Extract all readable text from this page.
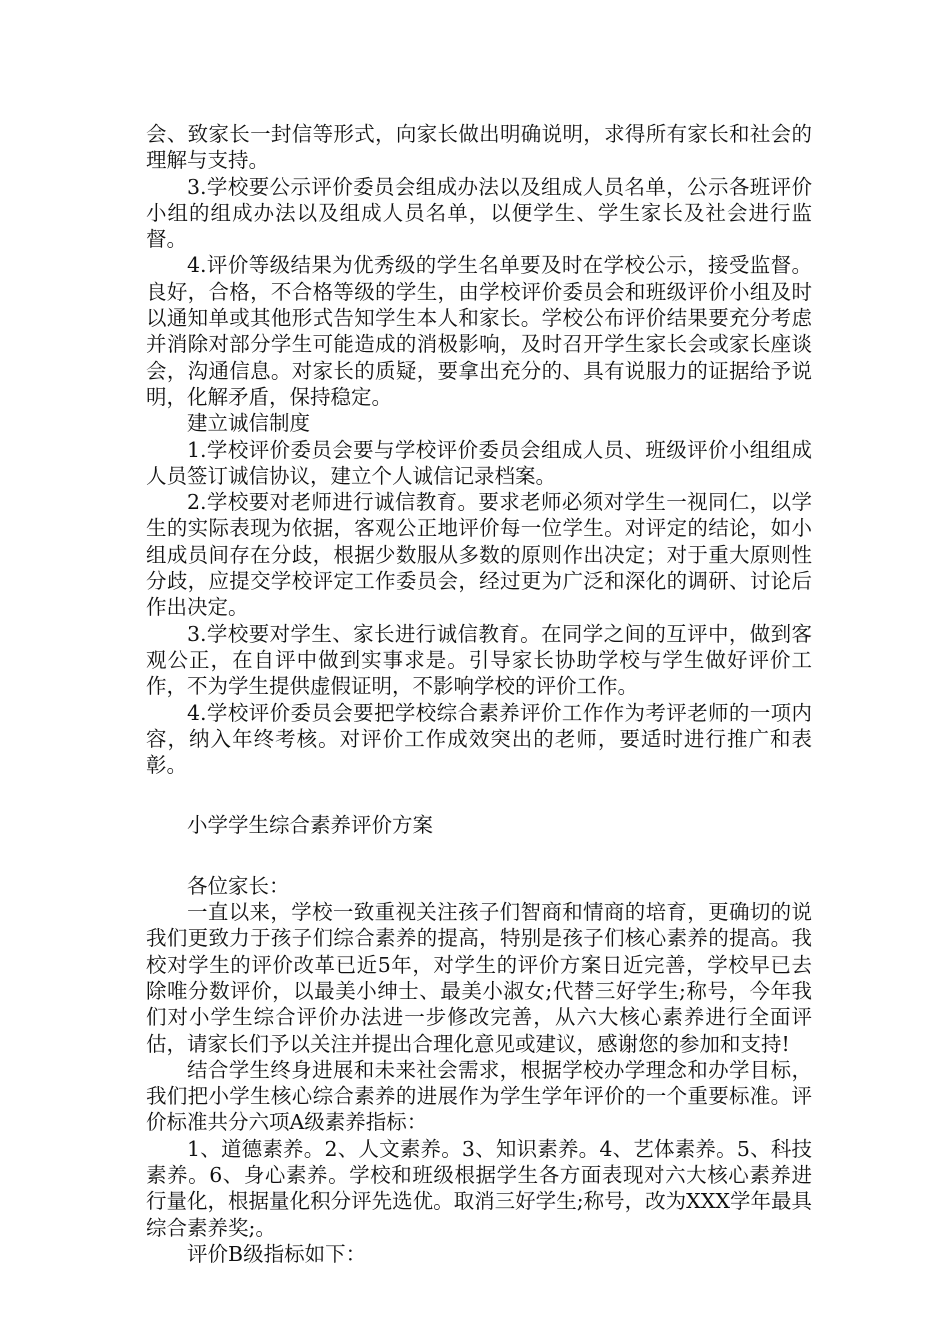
会、致家长一封信等形式，向家长做出明确说明，求得所有家长和社会的理解与支持。

3.学校要公示评价委员会组成办法以及组成人员名单，公示各班评价小组的组成办法以及组成人员名单，以便学生、学生家长及社会进行监督。

4.评价等级结果为优秀级的学生名单要及时在学校公示，接受监督。良好，合格，不合格等级的学生，由学校评价委员会和班级评价小组及时以通知单或其他形式告知学生本人和家长。学校公布评价结果要充分考虑并消除对部分学生可能造成的消极影响，及时召开学生家长会或家长座谈会，沟通信息。对家长的质疑，要拿出充分的、具有说服力的证据给予说明，化解矛盾，保持稳定。

建立诚信制度

1.学校评价委员会要与学校评价委员会组成人员、班级评价小组组成人员签订诚信协议，建立个人诚信记录档案。

2.学校要对老师进行诚信教育。要求老师必须对学生一视同仁，以学生的实际表现为依据，客观公正地评价每一位学生。对评定的结论，如小组成员间存在分歧，根据少数服从多数的原则作出决定；对于重大原则性分歧，应提交学校评定工作委员会，经过更为广泛和深化的调研、讨论后作出决定。

3.学校要对学生、家长进行诚信教育。在同学之间的互评中，做到客观公正，在自评中做到实事求是。引导家长协助学校与学生做好评价工作，不为学生提供虚假证明，不影响学校的评价工作。

4.学校评价委员会要把学校综合素养评价工作作为考评老师的一项内容，纳入年终考核。对评价工作成效突出的老师，要适时进行推广和表彰。

小学学生综合素养评价方案

各位家长：

一直以来，学校一致重视关注孩子们智商和情商的培育，更确切的说我们更致力于孩子们综合素养的提高，特别是孩子们核心素养的提高。我校对学生的评价改革已近5年，对学生的评价方案日近完善，学校早已去除唯分数评价，以最美小绅士、最美小淑女;代替三好学生;称号，今年我们对小学生综合评价办法进一步修改完善，从六大核心素养进行全面评估，请家长们予以关注并提出合理化意见或建议，感谢您的参加和支持!

结合学生终身进展和未来社会需求，根据学校办学理念和办学目标，我们把小学生核心综合素养的进展作为学生学年评价的一个重要标准。评价标准共分六项A级素养指标：

1、道德素养。2、人文素养。3、知识素养。4、艺体素养。5、科技素养。6、身心素养。学校和班级根据学生各方面表现对六大核心素养进行量化，根据量化积分评先选优。取消三好学生;称号，改为XXX学年最具综合素养奖;。

评价B级指标如下：
